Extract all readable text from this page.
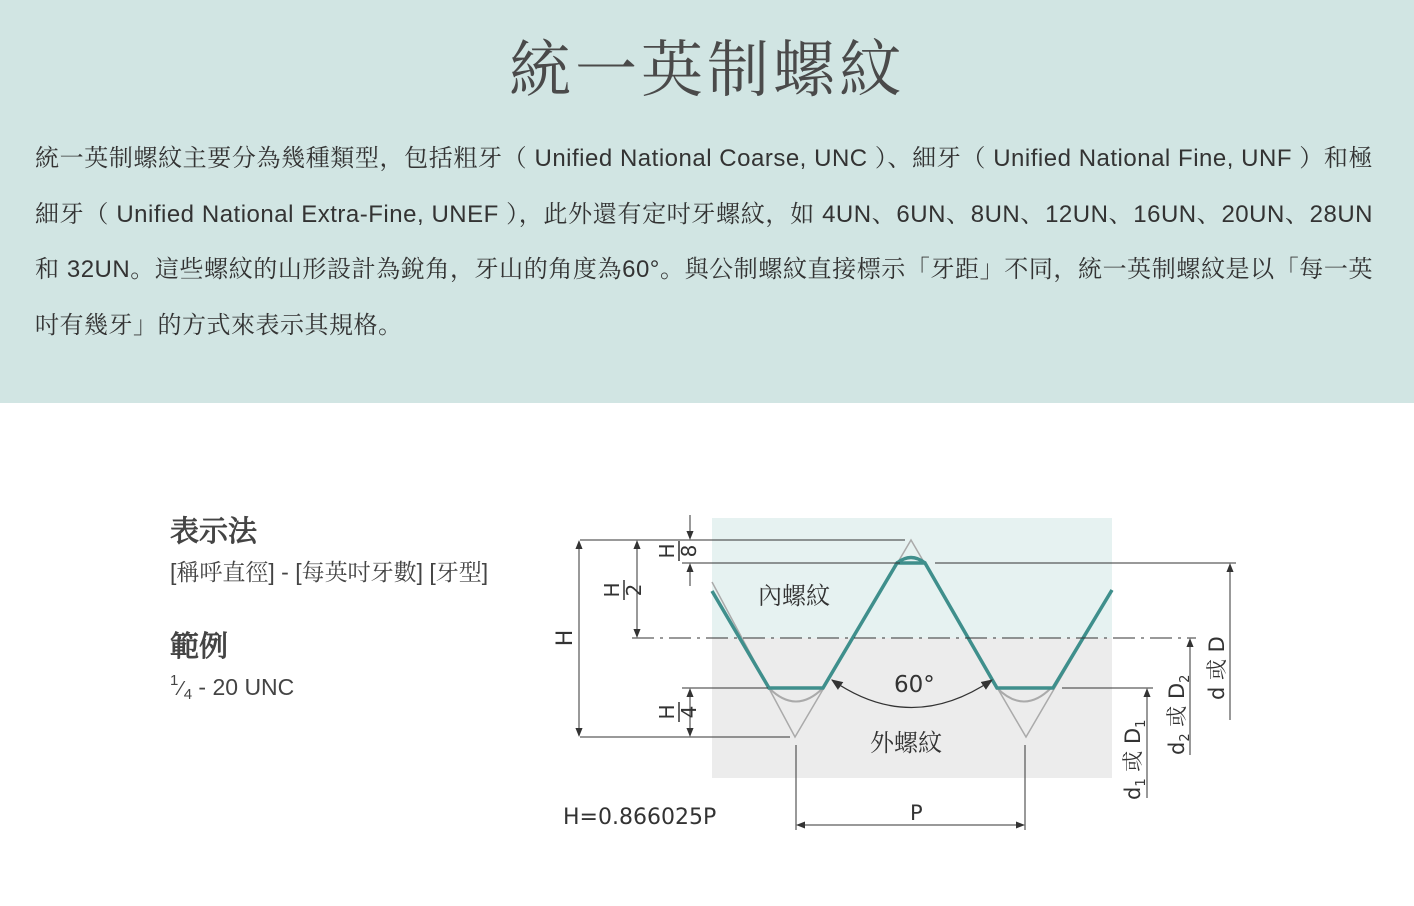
統一英制螺紋

統一英制螺紋主要分為幾種類型，包括粗牙（ Unified National Coarse, UNC ）、細牙（ Unified National Fine, UNF ）和極細牙（ Unified National Extra-Fine, UNEF ），此外還有定吋牙螺紋，如 4UN、6UN、8UN、12UN、16UN、20UN、28UN 和 32UN。這些螺紋的山形設計為銳角，牙山的角度為60°。與公制螺紋直接標示「牙距」不同，統一英制螺紋是以「每一英吋有幾牙」的方式來表示其規格。

表示法

[稱呼直徑] - [每英吋牙數] [牙型]

範例

$^1$⁄4 - 20 UNC

H
H
8
H
2
H
4
d 或 D
$d_2$ 或 $D_2$
$d_1$ 或 $D_1$
內螺紋
外螺紋
60°
P
H=0.866025P
